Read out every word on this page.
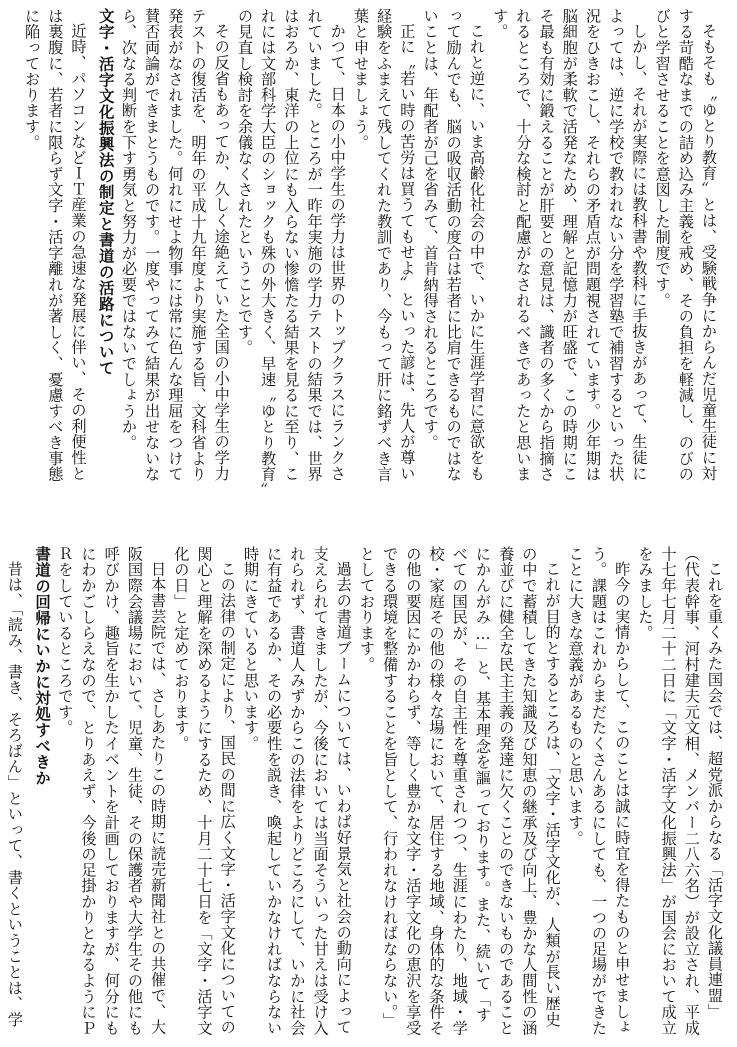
そもそも〝ゆとり教育〟とは、受験戦争にからんだ児童生徒に対する苛酷なまでの詰め込み主義を戒め、その負担を軽減し、のびのびと学習させることを意図した制度です。

しかし、それが実際には教科書や教科に手抜きがあって、生徒によっては、逆に学校で教われない分を学習塾で補習するといった状況をひきおこし、それらの矛盾点が問題視されています。少年期は脳細胞が柔軟で活発なため、理解と記憶力が旺盛で、この時期にこそ最も有効に鍛えることが肝要との意見は、識者の多くから指摘されるところで、十分な検討と配慮がなされるべきであったと思います。

これと逆に、いま高齢化社会の中で、いかに生涯学習に意欲をもって励んでも、脳の吸収活動の度合は若者に比肩できるものではないことは、年配者が己を省みて、首肯納得されるところです。

正に〝若い時の苦労は買うてもせよ〟といった諺は、先人が尊い経験をふまえて残してくれた教訓であり、今もって肝に銘ずべき言葉と申せましょう。

かつて、日本の小中学生の学力は世界のトップクラスにランクされていました。ところが一昨年実施の学力テストの結果では、世界はおろか、東洋の上位にも入らない惨憺たる結果を見るに至り、これには文部科学大臣のショックも殊の外大きく、早速〝ゆとり教育〟の見直し検討を余儀なくされたということです。

その反省もあってか、久しく途絶えていた全国の小中学生の学力テストの復活を、明年の平成十九年度より実施する旨、文科省より発表がなされました。何れにせよ物事には常に色んな理屈をつけて賛否両論ができまとうものです。一度やってみて結果が出せないなら、次なる判断を下す勇気と努力が必要ではないでしょうか。

文字・活字文化振興法の制定と書道の活路について

近時、パソコンなどＩＴ産業の急速な発展に伴い、その利便性とは裏腹に、若者に限らず文字・活字離れが著しく、憂慮すべき事態に陥っております。

これを重くみた国会では、超党派からなる「活字文化議員連盟」（代表幹事、河村建夫元文相、メンバー二八六名）が設立され、平成十七年七月二十二日に「文字・活字文化振興法」が国会において成立をみました。

昨今の実情からして、このことは誠に時宜を得たものと申せましょう。課題はこれからまだたくさんあるにしても、一つの足場ができたことに大きな意義があるものと思います。

これが目的とするところは、「文字・活字文化が、人類が長い歴史の中で蓄積してきた知識及び知恵の継承及び向上、豊かな人間性の涵養並びに健全な民主主義の発達に欠くことのできないものであることにかんがみ…」と、基本理念を謳っております。また、続いて「すべての国民が、その自主性を尊重されつつ、生涯にわたり、地域・学校・家庭その他の様々な場において、居住する地域、身体的な条件その他の要因にかかわらず、等しく豊かな文字・活字文化の恵沢を享受できる環境を整備することを旨として、行われなければならない。」としております。

過去の書道ブームについては、いわば好景気と社会の動向によって支えられてきましたが、今後においては当面そういった甘えは受け入れられず、書道人みずからこの法律をよりどころにして、いかに社会に有益であるか、その必要性を説き、喚起していかなければならない時期にきていると思います。

この法律の制定により、国民の間に広く文字・活字文化についての関心と理解を深めるようにするため、十月二十七日を「文字・活字文化の日」と定めております。

日本書芸院では、さしあたりこの時期に読売新聞社との共催で、大阪国際会議場において、児童、生徒、その保護者や大学生その他にも呼びかけ、趣旨を生かしたイベントを計画しておりますが、何分にもにわかごしらえなので、とりあえず、今後の足掛かりとなるようにＰＲをしているところです。

書道の回帰にいかに対処すべきか

昔は、「読み、書き、そろばん」といって、書くということは、学
